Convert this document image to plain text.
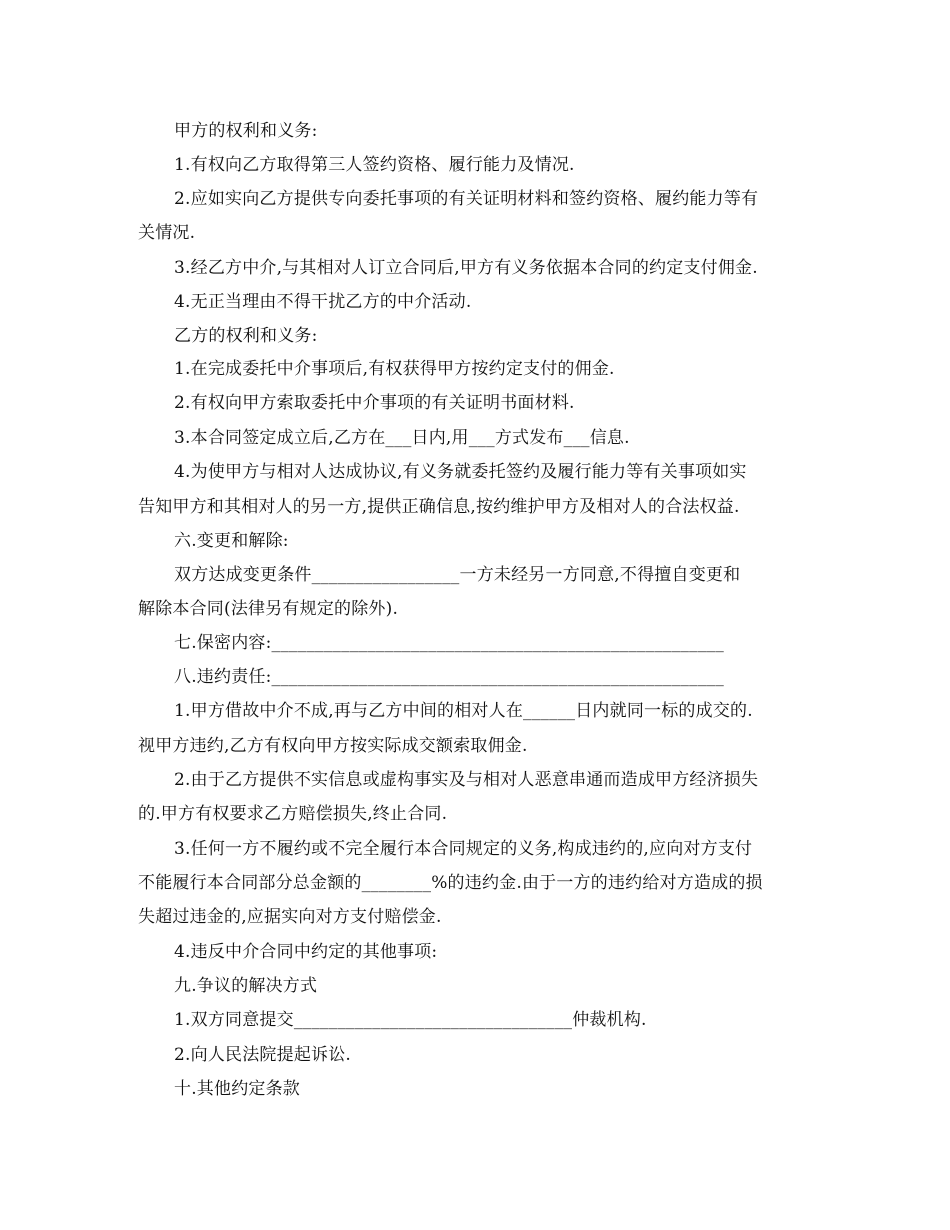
甲方的权利和义务:
1.有权向乙方取得第三人签约资格、履行能力及情况.
2.应如实向乙方提供专向委托事项的有关证明材料和签约资格、履约能力等有
关情况.
3.经乙方中介,与其相对人订立合同后,甲方有义务依据本合同的约定支付佣金.
4.无正当理由不得干扰乙方的中介活动.
乙方的权利和义务:
1.在完成委托中介事项后,有权获得甲方按约定支付的佣金.
2.有权向甲方索取委托中介事项的有关证明书面材料.
3.本合同签定成立后,乙方在___日内,用___方式发布___信息.
4.为使甲方与相对人达成协议,有义务就委托签约及履行能力等有关事项如实
告知甲方和其相对人的另一方,提供正确信息,按约维护甲方及相对人的合法权益.
六.变更和解除:
双方达成变更条件_________________一方未经另一方同意,不得擅自变更和
解除本合同(法律另有规定的除外).
七.保密内容:____________________________________________________
八.违约责任:____________________________________________________
1.甲方借故中介不成,再与乙方中间的相对人在______日内就同一标的成交的.
视甲方违约,乙方有权向甲方按实际成交额索取佣金.
2.由于乙方提供不实信息或虚构事实及与相对人恶意串通而造成甲方经济损失
的.甲方有权要求乙方赔偿损失,终止合同.
3.任何一方不履约或不完全履行本合同规定的义务,构成违约的,应向对方支付
不能履行本合同部分总金额的________%的违约金.由于一方的违约给对方造成的损
失超过违金的,应据实向对方支付赔偿金.
4.违反中介合同中约定的其他事项:
九.争议的解决方式
1.双方同意提交________________________________仲裁机构.
2.向人民法院提起诉讼.
十.其他约定条款
